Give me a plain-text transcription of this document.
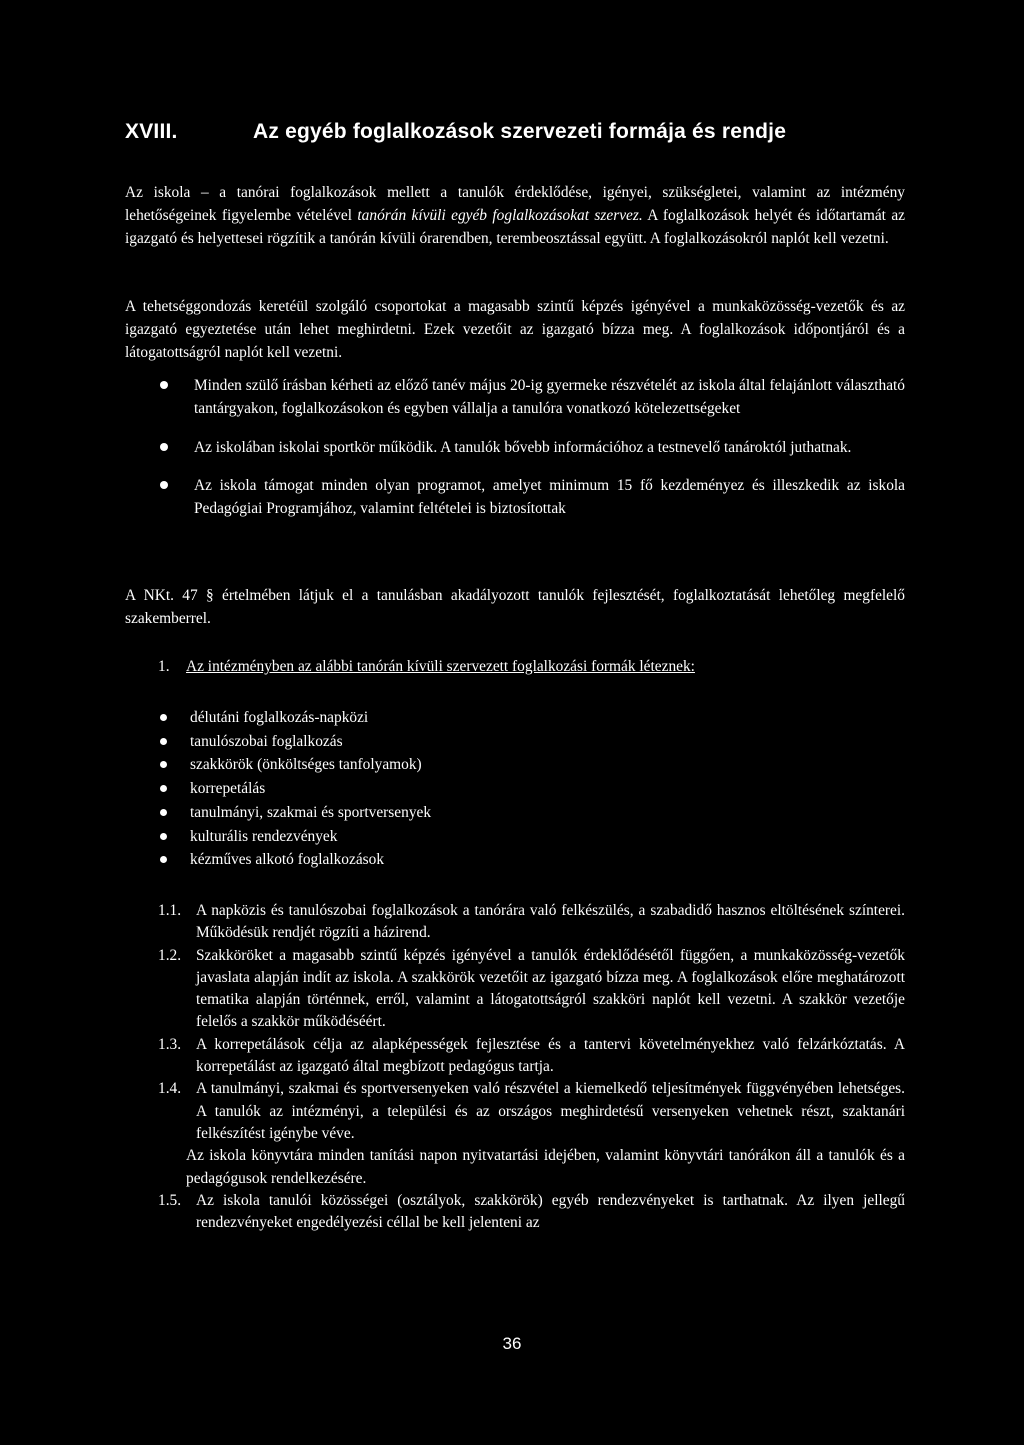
XVIII.	Az egyéb foglalkozások szervezeti formája és rendje
Az iskola – a tanórai foglalkozások mellett a tanulók érdeklődése, igényei, szükségletei, valamint az intézmény lehetőségeinek figyelembe vételével tanórán kívüli egyéb foglalkozásokat szervez. A foglalkozások helyét és időtartamát az igazgató és helyettesei rögzítik a tanórán kívüli órarendben, terembeosztással együtt. A foglalkozásokról naplót kell vezetni.
A tehetséggondozás keretéül szolgáló csoportokat a magasabb szintű képzés igényével a munkaközösség-vezetők és az igazgató egyeztetése után lehet meghirdetni. Ezek vezetőit az igazgató bízza meg. A foglalkozások időpontjáról és a látogatottságról naplót kell vezetni.
Minden szülő írásban kérheti az előző tanév május 20-ig gyermeke részvételét az iskola által felajánlott választható tantárgyakon, foglalkozásokon és egyben vállalja a tanulóra vonatkozó kötelezettségeket
Az iskolában iskolai sportkör működik. A tanulók bővebb információhoz a testnevelő tanároktól juthatnak.
Az iskola támogat minden olyan programot, amelyet minimum 15 fő kezdeményez és illeszkedik az iskola Pedagógiai Programjához, valamint feltételei is biztosítottak
A NKt. 47 § értelmében látjuk el a tanulásban akadályozott tanulók fejlesztését, foglalkoztatását lehetőleg megfelelő szakemberrel.
1. Az intézményben az alábbi tanórán kívüli szervezett foglalkozási formák léteznek:
délutáni foglalkozás-napközi
tanulószobai foglalkozás
szakkörök (önköltséges tanfolyamok)
korrepetálás
tanulmányi, szakmai és sportversenyek
kulturális rendezvények
kézműves alkotó foglalkozások
1.1. A napközis és tanulószobai foglalkozások a tanórára való felkészülés, a szabadidő hasznos eltöltésének színterei. Működésük rendjét rögzíti a házirend.
1.2. Szakköröket a magasabb szintű képzés igényével a tanulók érdeklődésétől függően, a munkaközösség-vezetők javaslata alapján indít az iskola. A szakkörök vezetőit az igazgató bízza meg. A foglalkozások előre meghatározott tematika alapján történnek, erről, valamint a látogatottságról szakköri naplót kell vezetni. A szakkör vezetője felelős a szakkör működéséért.
1.3. A korrepetálások célja az alapképességek fejlesztése és a tantervi követelményekhez való felzárkóztatás. A korrepetálást az igazgató által megbízott pedagógus tartja.
1.4. A tanulmányi, szakmai és sportversenyeken való részvétel a kiemelkedő teljesítmények függvényében lehetséges. A tanulók az intézményi, a települési és az országos meghirdetésű versenyeken vehetnek részt, szaktanári felkészítést igénybe véve.
Az iskola könyvtára minden tanítási napon nyitvatartási idejében, valamint könyvtári tanórákon áll a tanulók és a pedagógusok rendelkezésére.
1.5. Az iskola tanulói közösségei (osztályok, szakkörök) egyéb rendezvényeket is tarthatnak. Az ilyen jellegű rendezvényeket engedélyezési céllal be kell jelenteni az
36
